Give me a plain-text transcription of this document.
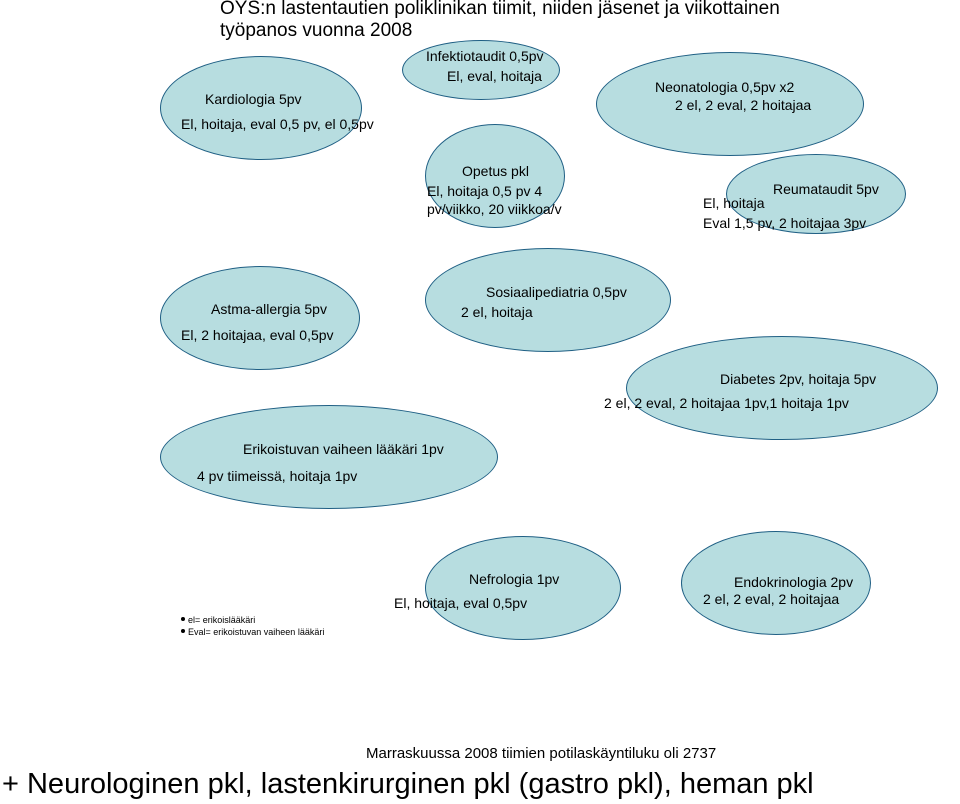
OYS:n lastentautien poliklinikan tiimit, niiden jäsenet ja viikottainen työpanos vuonna 2008
Kardiologia 5pv
El, hoitaja, eval 0,5 pv, el 0,5pv
Infektiotaudit 0,5pv
El, eval, hoitaja
Neonatologia 0,5pv x2
2 el, 2 eval, 2 hoitajaa
Opetus pkl
El, hoitaja 0,5 pv 4
pv/viikko, 20 viikkoa/v
Reumataudit 5pv
El, hoitaja
Eval 1,5 pv, 2 hoitajaa 3pv
Astma-allergia 5pv
El, 2 hoitajaa, eval 0,5pv
Sosiaalipediatria 0,5pv
2 el, hoitaja
Diabetes 2pv, hoitaja 5pv
2 el, 2 eval, 2 hoitajaa 1pv,1 hoitaja 1pv
Erikoistuvan vaiheen lääkäri 1pv
4 pv tiimeissä, hoitaja 1pv
Nefrologia 1pv
El, hoitaja, eval 0,5pv
Endokrinologia 2pv
2 el, 2 eval, 2 hoitajaa
el= erikoislääkäri
Eval= erikoistuvan vaiheen lääkäri
Marraskuussa 2008 tiimien potilaskäyntiluku oli 2737
+ Neurologinen pkl, lastenkirurginen pkl (gastro pkl), heman pkl
